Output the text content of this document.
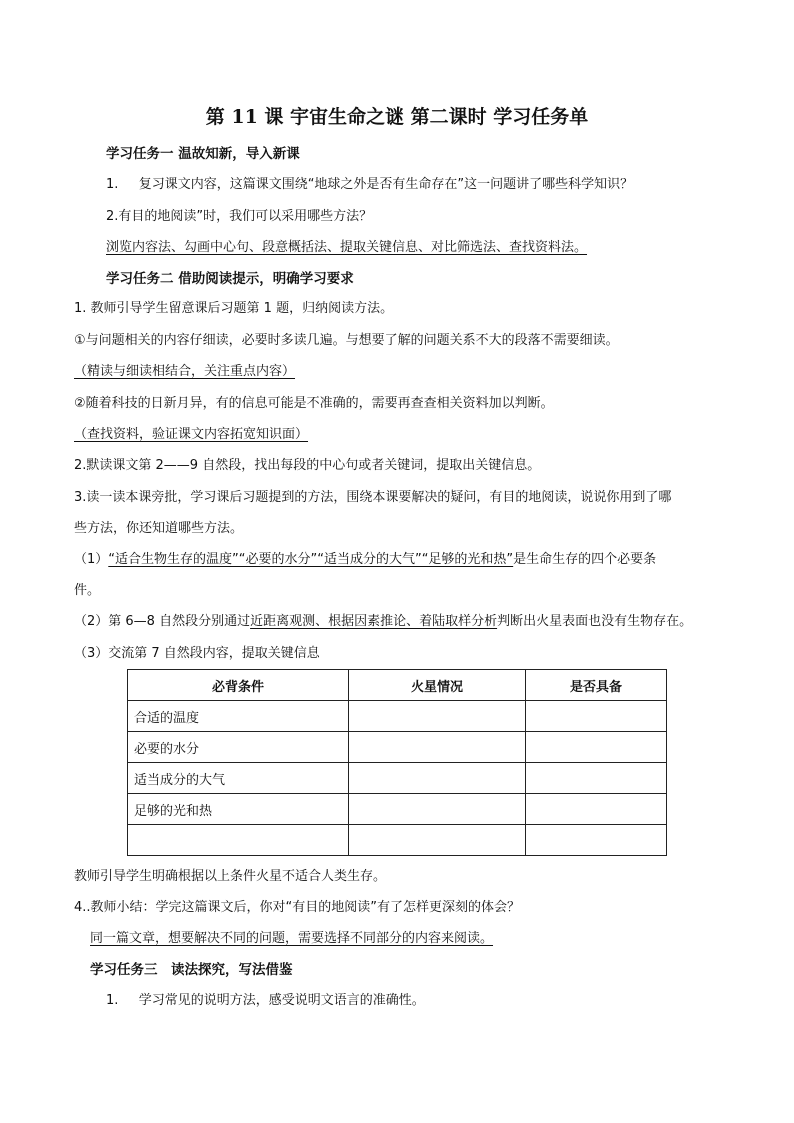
第 11 课 宇宙生命之谜 第二课时 学习任务单
学习任务一 温故知新，导入新课
1. 复习课文内容，这篇课文围绕“地球之外是否有生命存在”这一问题讲了哪些科学知识？
2.有目的地阅读”时，我们可以采用哪些方法？
浏览内容法、勾画中心句、段意概括法、提取关键信息、对比筛选法、查找资料法。
学习任务二 借助阅读提示，明确学习要求
1. 教师引导学生留意课后习题第 1 题，归纳阅读方法。
①与问题相关的内容仔细读，必要时多读几遍。与想要了解的问题关系不大的段落不需要细读。
（精读与细读相结合，关注重点内容）
②随着科技的日新月异，有的信息可能是不准确的，需要再查查相关资料加以判断。
（查找资料，验证课文内容拓宽知识面）
2.默读课文第 2——9 自然段，找出每段的中心句或者关键词，提取出关键信息。
3.读一读本课旁批，学习课后习题提到的方法，围绕本课要解决的疑问，有目的地阅读，说说你用到了哪
些方法，你还知道哪些方法。
（1）“适合生物生存的温度”“必要的水分”“适当成分的大气”“足够的光和热”是生命生存的四个必要条
件。
（2）第 6—8 自然段分别通过近距离观测、根据因素推论、着陆取样分析判断出火星表面也没有生物存在。
（3）交流第 7 自然段内容，提取关键信息
必背条件	火星情况	是否具备
合适的温度		
必要的水分		
适当成分的大气		
足够的光和热		

教师引导学生明确根据以上条件火星不适合人类生存。
4..教师小结：学完这篇课文后，你对“有目的地阅读”有了怎样更深刻的体会？
同一篇文章，想要解决不同的问题，需要选择不同部分的内容来阅读。
学习任务三　读法探究，写法借鉴
1. 学习常见的说明方法，感受说明文语言的准确性。
